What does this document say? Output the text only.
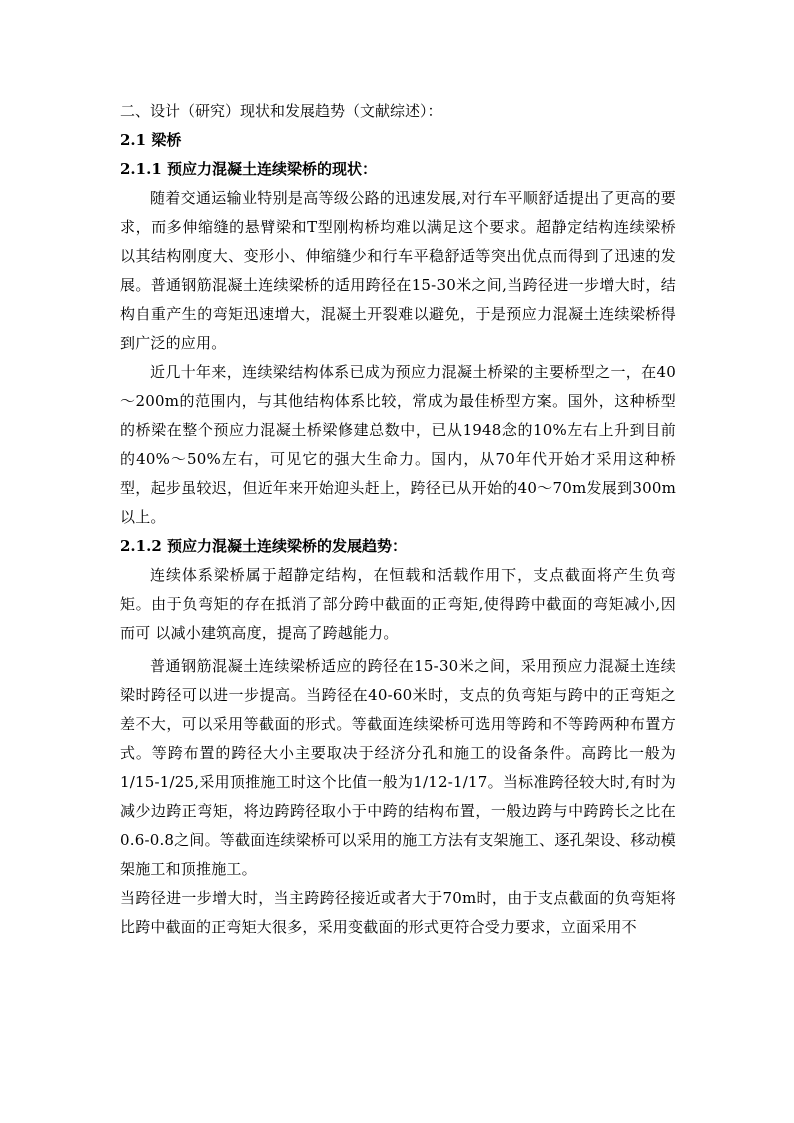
二、设计（研究）现状和发展趋势（文献综述）：

2.1 梁桥

2.1.1 预应力混凝土连续梁桥的现状：

随着交通运输业特别是高等级公路的迅速发展,对行车平顺舒适提出了更高的要求，而多伸缩缝的悬臂梁和T型刚构桥均难以满足这个要求。超静定结构连续梁桥以其结构刚度大、变形小、伸缩缝少和行车平稳舒适等突出优点而得到了迅速的发展。普通钢筋混凝土连续梁桥的适用跨径在15-30米之间,当跨径进一步增大时，结构自重产生的弯矩迅速增大，混凝土开裂难以避免，于是预应力混凝土连续梁桥得到广泛的应用。

近几十年来，连续梁结构体系已成为预应力混凝土桥梁的主要桥型之一，在40～200m的范围内，与其他结构体系比较，常成为最佳桥型方案。国外，这种桥型的桥梁在整个预应力混凝土桥梁修建总数中，已从1948念的10%左右上升到目前的40%～50%左右，可见它的强大生命力。国内，从70年代开始才采用这种桥型，起步虽较迟，但近年来开始迎头赶上，跨径已从开始的40～70m发展到300m以上。

2.1.2 预应力混凝土连续梁桥的发展趋势：

连续体系梁桥属于超静定结构，在恒载和活载作用下，支点截面将产生负弯矩。由于负弯矩的存在抵消了部分跨中截面的正弯矩,使得跨中截面的弯矩减小,因而可 以减小建筑高度，提高了跨越能力。

普通钢筋混凝土连续梁桥适应的跨径在15-30米之间，采用预应力混凝土连续梁时跨径可以进一步提高。当跨径在40-60米时，支点的负弯矩与跨中的正弯矩之差不大，可以采用等截面的形式。等截面连续梁桥可选用等跨和不等跨两种布置方式。等跨布置的跨径大小主要取决于经济分孔和施工的设备条件。高跨比一般为1/15-1/25,采用顶推施工时这个比值一般为1/12-1/17。当标准跨径较大时,有时为减少边跨正弯矩，将边跨跨径取小于中跨的结构布置，一般边跨与中跨跨长之比在0.6-0.8之间。等截面连续梁桥可以采用的施工方法有支架施工、逐孔架设、移动模架施工和顶推施工。

当跨径进一步增大时，当主跨跨径接近或者大于70m时，由于支点截面的负弯矩将比跨中截面的正弯矩大很多，采用变截面的形式更符合受力要求，立面采用不
